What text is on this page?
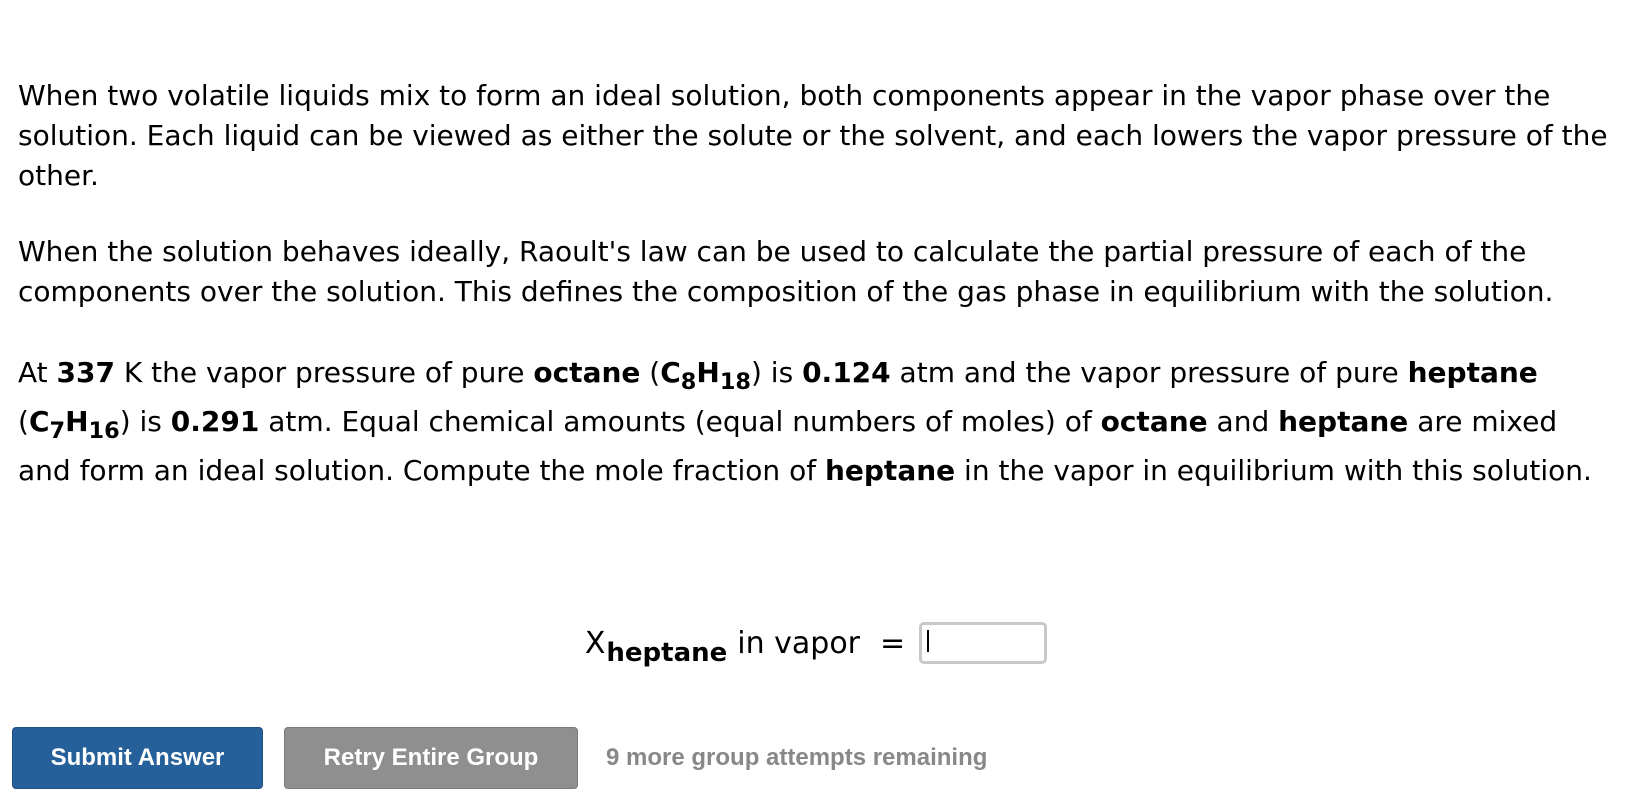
When two volatile liquids mix to form an ideal solution, both components appear in the vapor phase over the solution. Each liquid can be viewed as either the solute or the solvent, and each lowers the vapor pressure of the other.

When the solution behaves ideally, Raoult's law can be used to calculate the partial pressure of each of the components over the solution. This defines the composition of the gas phase in equilibrium with the solution.

At 337 K the vapor pressure of pure octane $(C_8H_{18})$ is 0.124 atm and the vapor pressure of pure heptane $(C_7H_{16})$ is 0.291 atm. Equal chemical amounts (equal numbers of moles) of octane and heptane are mixed and form an ideal solution. Compute the mole fraction of heptane in the vapor in equilibrium with this solution.

X heptane in vapor =
Submit Answer	Retry Entire Group	9 more group attempts remaining
